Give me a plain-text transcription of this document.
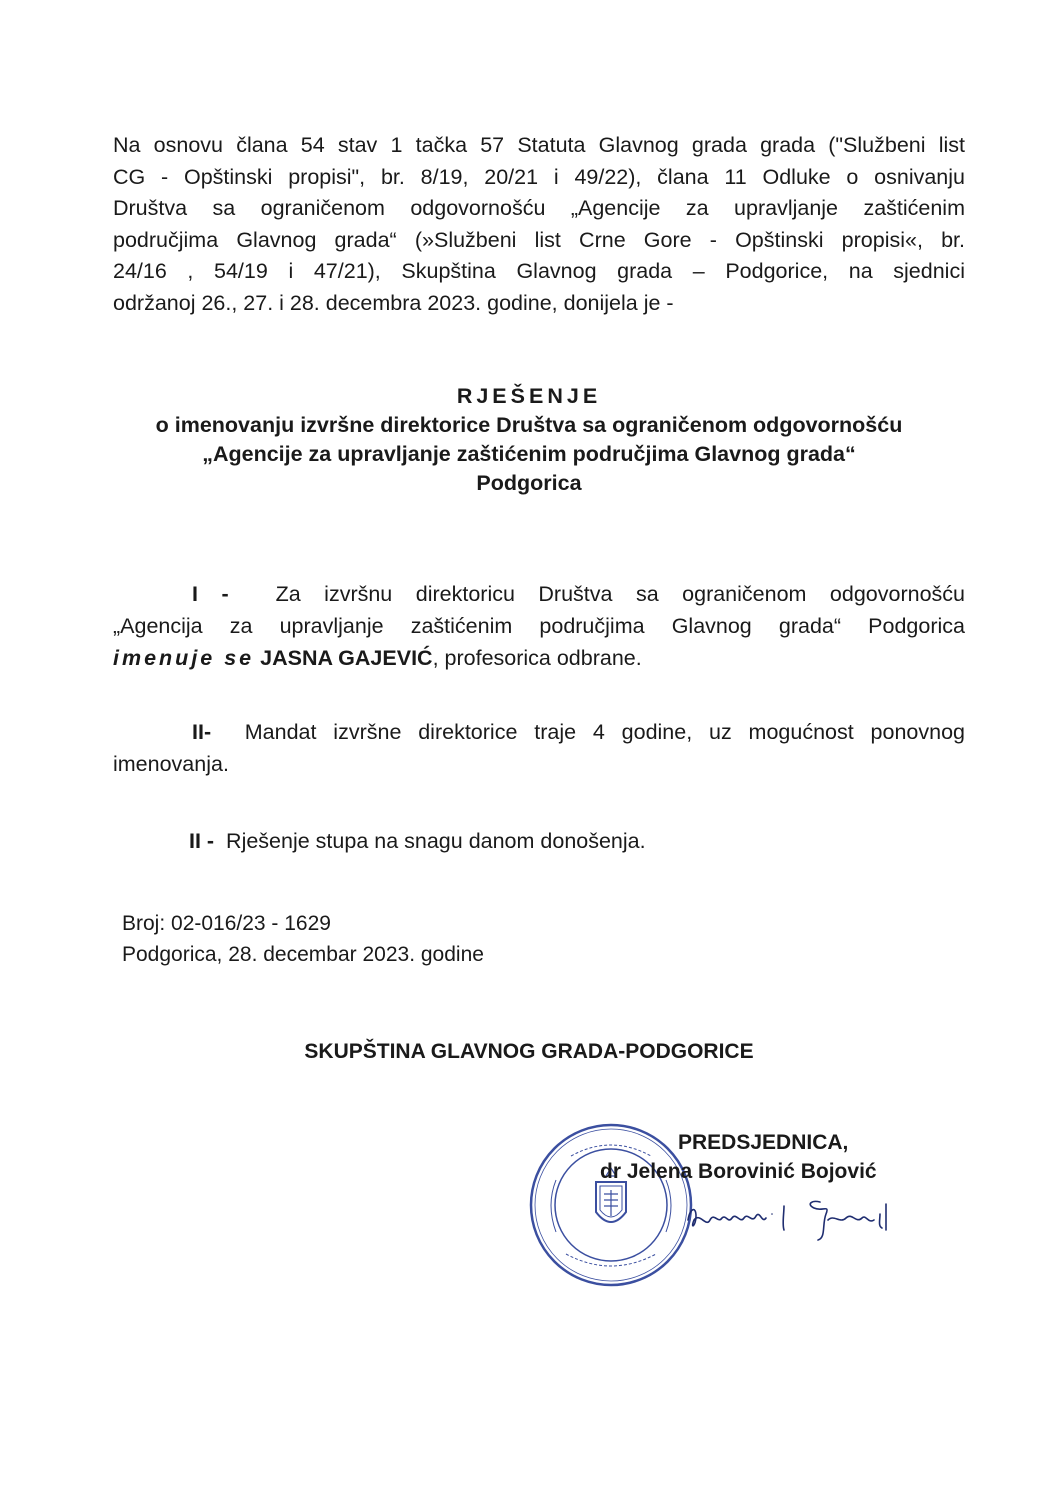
Na osnovu člana 54 stav 1 tačka 57 Statuta Glavnog grada grada ("Službeni list
CG - Opštinski propisi", br. 8/19, 20/21 i 49/22), člana 11 Odluke o osnivanju
Društva sa ograničenom odgovornošću „Agencije za upravljanje zaštićenim
područjima Glavnog grada“ (»Službeni list Crne Gore - Opštinski propisi«, br.
24/16 , 54/19 i 47/21), Skupština Glavnog grada – Podgorice, na sjednici
održanoj 26., 27. i 28. decembra 2023. godine, donijela je -
RJEŠENJE
o imenovanju izvršne direktorice Društva sa ograničenom odgovornošću
„Agencije za upravljanje zaštićenim područjima Glavnog grada“
Podgorica
I - Za izvršnu direktoricu Društva sa ograničenom odgovornošću
„Agencija za upravljanje zaštićenim područjima Glavnog grada“ Podgorica
imenuje se JASNA GAJEVIĆ, profesorica odbrane.
II- Mandat izvršne direktorice traje 4 godine, uz mogućnost ponovnog
imenovanja.
II - Rješenje stupa na snagu danom donošenja.
Broj: 02-016/23 - 1629
Podgorica, 28. decembar 2023. godine
SKUPŠTINA GLAVNOG GRADA-PODGORICE
PREDSJEDNICA,
dr Jelena Borovinić Bojović
